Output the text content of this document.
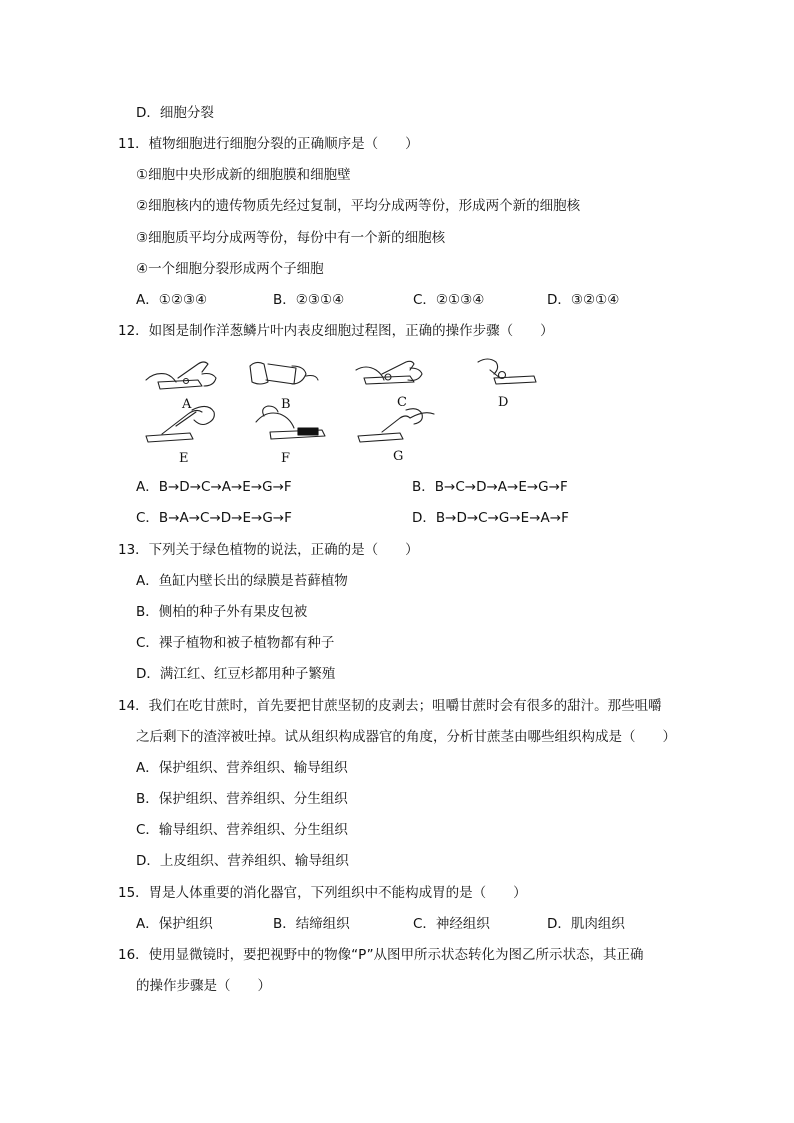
D．细胞分裂
11．植物细胞进行细胞分裂的正确顺序是（　　）
①细胞中央形成新的细胞膜和细胞壁
②细胞核内的遗传物质先经过复制，平均分成两等份，形成两个新的细胞核
③细胞质平均分成两等份，每份中有一个新的细胞核
④一个细胞分裂形成两个子细胞
A．①②③④	B．②③①④	C．②①③④	D．③②①④
12．如图是制作洋葱鳞片叶内表皮细胞过程图，正确的操作步骤（　　）
A	B	C	D
E	F	G
A．B→D→C→A→E→G→F	B．B→C→D→A→E→G→F
C．B→A→C→D→E→G→F	D．B→D→C→G→E→A→F
13．下列关于绿色植物的说法，正确的是（　　）
A．鱼缸内壁长出的绿膜是苔藓植物
B．侧柏的种子外有果皮包被
C．裸子植物和被子植物都有种子
D．满江红、红豆杉都用种子繁殖
14．我们在吃甘蔗时，首先要把甘蔗坚韧的皮剥去；咀嚼甘蔗时会有很多的甜汁。那些咀嚼
之后剩下的渣滓被吐掉。试从组织构成器官的角度，分析甘蔗茎由哪些组织构成是（　　）
A．保护组织、营养组织、输导组织
B．保护组织、营养组织、分生组织
C．输导组织、营养组织、分生组织
D．上皮组织、营养组织、输导组织
15．胃是人体重要的消化器官，下列组织中不能构成胃的是（　　）
A．保护组织	B．结缔组织	C．神经组织	D．肌肉组织
16．使用显微镜时，要把视野中的物像“P”从图甲所示状态转化为图乙所示状态，其正确
的操作步骤是（　　）
